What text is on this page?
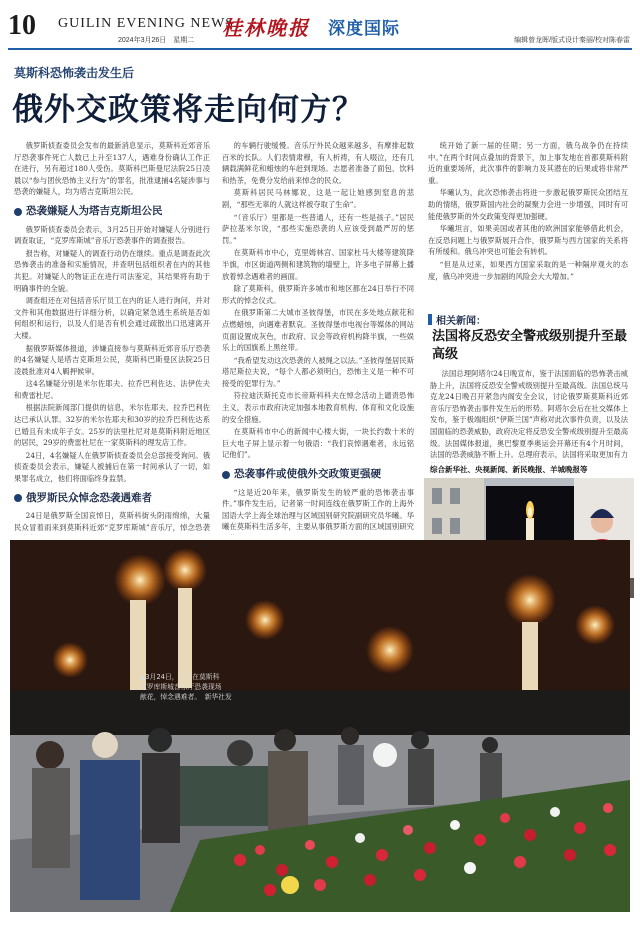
10 GUILIN EVENING NEWS
2024年3月26日　星期二
桂林晚报 深度国际
编辑曾龙晖/版式设计秦丽/校对陈春雷
莫斯科恐怖袭击发生后
俄外交政策将走向何方？

俄罗斯侦查委员会发布的最新消息显示，莫斯科近郊音乐厅恐袭事件死亡人数已上升至137人，遇难身份确认工作正在进行，另有超过180人受伤。莫斯科巴斯曼尼法院25日凌晨以“参与团伙恐怖主义行为”的罪名，批准逮捕4名疑涉事与恐袭的嫌疑人，均为塔吉克斯坦公民。

恐袭嫌疑人为塔吉克斯坦公民

俄罗斯侦查委员会表示，3月25日开始对嫌疑人分别进行调查取证，“克罗库斯城”音乐厅恐袭事件的调查报告。

报告称，对嫌疑人的调查行动仍在继续。重点是调查此次恐怖袭击的准备和实施情况，并查明包括组织者在内的其他共犯。对嫌疑人的物证正在进行司法鉴定，其结果将有助于明确事件的全貌。

调查组还在对包括音乐厅员工在内的证人进行询问，并对文件和其他数据进行详细分析，以确定紧急逃生系统是否如何组织和运行，以及人们是否有机会通过疏散出口迅速离开大楼。

据俄罗斯媒体报道，涉嫌直接参与莫斯科近郊音乐厅恐袭的4名嫌疑人是塔吉克斯坦公民，莫斯科巴斯曼区法院25日凌晨批准对4人羁押候审。

这4名嫌疑分别是米尔佐耶夫、拉乔巴利佐达、法伊佐夫和费雷杜尼。

根据法院新闻部门提供的信息，米尔佐耶夫、拉乔巴利佐达已承认认罪。32岁的米尔佐耶夫和30岁的拉乔巴利佐达系已婚且有未成年子女。25岁的法里杜尼对是莫斯科附近地区的居民，29岁的费雷杜尼在一家莫斯科的理发店工作。

24日，4名嫌疑人在俄罗斯侦查委员会总部接受询问。俄侦查委员会表示，嫌疑人被捕后在第一时间承认了一切，如果罪名成立，他们将面临终身监禁。

俄罗斯民众悼念恐袭遇难者

24日是俄罗斯全国哀悼日，莫斯科街头阴雨绵绵，大量民众冒着雨来到莫斯科近郊“克罗库斯城”音乐厅，悼念恐袭

的车辆行驶缓慢。音乐厅外民众越来越多，有摩排起数百米的长队。人们表情肃穆，有人析祷，有人啜泣，还有几辆载满鲜花和蜡烛的车赶到现场。志愿者准备了面包、饮料和热茶，免费分发给前来悼念的民众。

莫斯科居民马林娜说，这是一起让她感到窒息的悲剧，“那些无辜的人就这样被夺取了生命”。

“（音乐厅）里都是一些普通人，还有一些是孩子。”居民萨拉基米尔说，“那些实施恐袭的人应该受到最严厉的惩罚。”

在莫斯科市中心，克里姆林宫、国家杜马大楼等建筑降半旗，市区街道两侧和建筑物的墙壁上，许多电子屏幕上播放着悼念遇难者的画面。

除了莫斯科，俄罗斯许多城市和地区都在24日举行不同形式的悼念仪式。

在俄罗斯第二大城市圣彼得堡，市民在多处地点献花和点燃蜡烛，向遇难者默哀。圣彼得堡市电视台等媒体的网站页面设置成灰色，市政府、议会等政府机构降半旗，一些娱乐上的国旗系上黑丝带。

“我希望发动这次恐袭的人被绳之以法。”圣彼得堡居民斯塔尼斯拉夫说，“每个人都必须明白，恐怖主义是一种不可接受的犯罪行为。”

符拉迪沃斯托克市长帝斯科科夫在悼念活动上谴责恐怖主义，表示市政府决定加强本地教育机构、体育和文化设施的安全措施。

在莫斯科市中心的新闻中心楼大街，一块长约数十米的巨大电子屏上显示着一句俄语：“我们哀悼遇难者，永远铭记他们”。

恐袭事件或使俄外交政策更强硬

“这是近20年来，俄罗斯发生的较严重的恐怖袭击事件。”事件发生后，记者第一时间连线在俄罗斯工作的上海外国语大学上海全球治理与区域国别研究院副研究员华曦。华曦在莫斯科生活多年，主要从事俄罗斯方面的区域国别研究

统开始了新一届的任期；另一方面，俄乌战争仍在持续中。”在两个时间点叠加的背景下，加上事发地在首都莫斯科附近的重要场所，此次事件的影响力及其潜在的后果或将非常严重。

华曦认为，此次恐怖袭击将进一步激起俄罗斯民众团结互助的情绪，俄罗斯国内社会的凝聚力会进一步增强，同时有可能使俄罗斯的外交政策变得更加强硬。

华曦坦言，如果美国或者其他的欧洲国家能够借此机会，在反恐问题上与俄罗斯展开合作，俄罗斯与西方国家的关系将有所缓和。俄乌冲突也可能会有转机。

“但是从过来，如果西方国家采取的是一种隔岸观火的态度，俄乌冲突进一步加剧的风险会大大增加。”

相关新闻：
法国将反恐安全警戒级别提升至最高级

法国总理阿塔尔24日晚宣布，鉴于法国面临的恐怖袭击威胁上升，法国将反恐安全警戒级别提升至最高级。法国总统马克龙24日晚召开紧急内阁安全会议，讨论俄罗斯莫斯科近郊音乐厅恐怖袭击事件发生后的形势。阿塔尔会后在社交媒体上发布，鉴于极端组织“伊斯兰国”声称对此次事件负责，以及法国面临的恐袭威胁，政府决定将反恐安全警戒级别提升至最高级。法国媒体报道，奥巴黎夏季奥运会开幕还有4个月时间，法国的恐袭威胁不断上升。总理府表示，法国将采取更加有力

综合新华社、央视新闻、新民晚报、羊城晚报等
▲3月24日，人们在莫斯科
克罗库斯城音乐厅恐袭现场
献花，悼念遇难者。　新华社发
